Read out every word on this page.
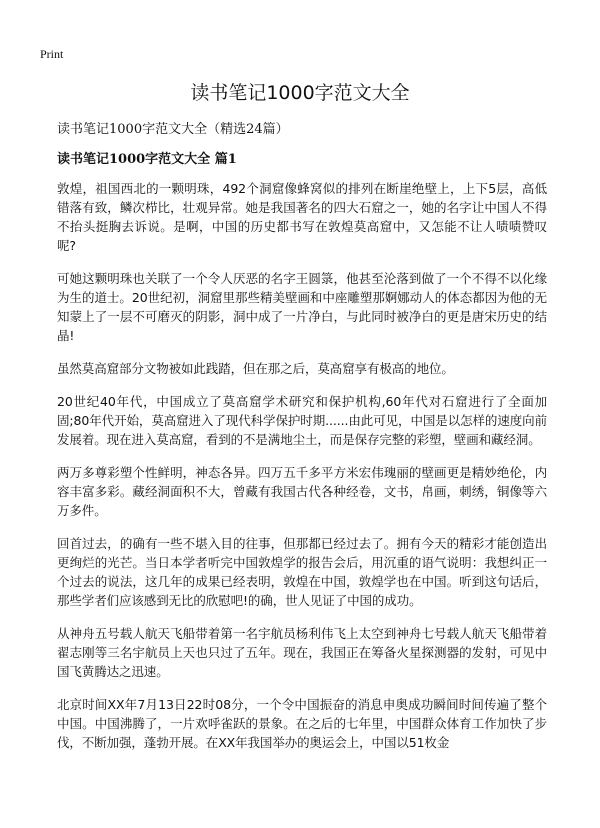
Print
读书笔记1000字范文大全
读书笔记1000字范文大全（精选24篇）
读书笔记1000字范文大全 篇1

敦煌，祖国西北的一颗明珠，492个洞窟像蜂窝似的排列在断崖绝壁上，上下5层，高低错落有致，鳞次栉比，壮观异常。她是我国著名的四大石窟之一，她的名字让中国人不得不抬头挺胸去诉说。是啊，中国的历史都书写在敦煌莫高窟中，又怎能不让人啧啧赞叹呢?

可她这颗明珠也关联了一个令人厌恶的名字王圆箓，他甚至沦落到做了一个不得不以化缘为生的道士。20世纪初，洞窟里那些精美壁画和中座雕塑那婀娜动人的体态都因为他的无知蒙上了一层不可磨灭的阴影，洞中成了一片净白，与此同时被净白的更是唐宋历史的结晶!

虽然莫高窟部分文物被如此践踏，但在那之后，莫高窟享有极高的地位。

20世纪40年代，中国成立了莫高窟学术研究和保护机构,60年代对石窟进行了全面加固;80年代开始，莫高窟进入了现代科学保护时期......由此可见，中国是以怎样的速度向前发展着。现在进入莫高窟，看到的不是满地尘土，而是保存完整的彩塑，壁画和藏经洞。

两万多尊彩塑个性鲜明，神态各异。四万五千多平方米宏伟瑰丽的壁画更是精妙绝伦，内容丰富多彩。藏经洞面积不大，曾藏有我国古代各种经卷，文书，帛画，刺绣，铜像等六万多件。

回首过去，的确有一些不堪入目的往事，但那都已经过去了。拥有今天的精彩才能创造出更绚烂的光芒。当日本学者听完中国敦煌学的报告会后，用沉重的语气说明：我想纠正一个过去的说法，这几年的成果已经表明，敦煌在中国，敦煌学也在中国。听到这句话后，那些学者们应该感到无比的欣慰吧!的确，世人见证了中国的成功。

从神舟五号载人航天飞船带着第一名宇航员杨利伟飞上太空到神舟七号载人航天飞船带着翟志刚等三名宇航员上天也只过了五年。现在，我国正在筹备火星探测器的发射，可见中国飞黄腾达之迅速。

北京时间XX年7月13日22时08分，一个令中国振奋的消息申奥成功瞬间时间传遍了整个中国。中国沸腾了，一片欢呼雀跃的景象。在之后的七年里，中国群众体育工作加快了步伐，不断加强，蓬勃开展。在XX年我国举办的奥运会上，中国以51枚金
